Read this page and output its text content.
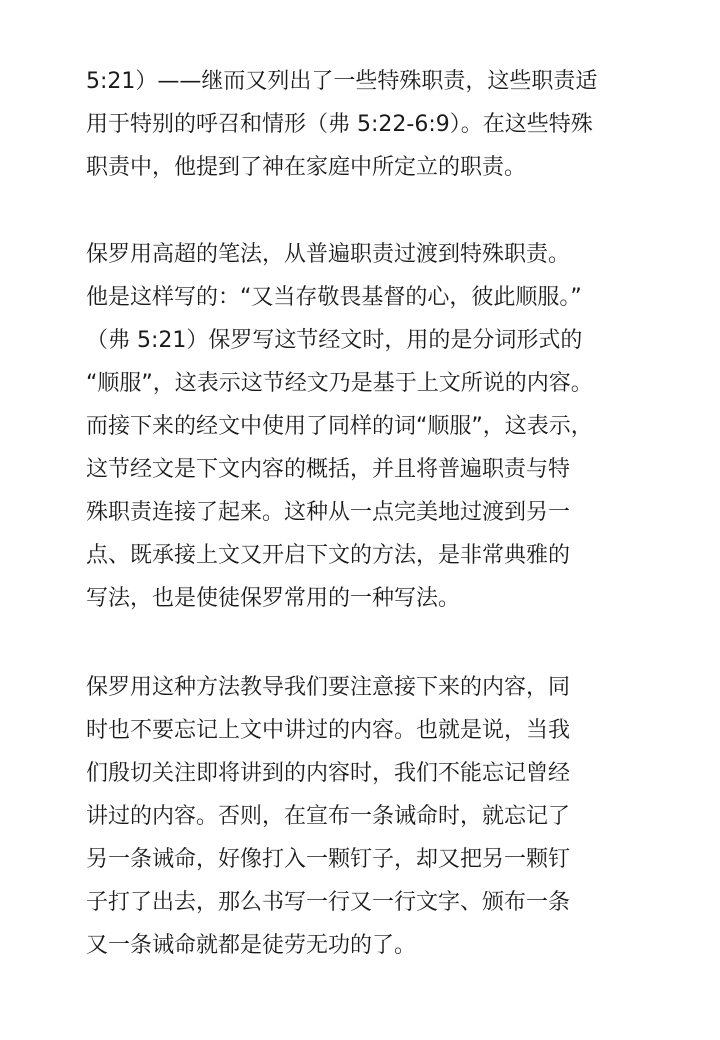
5:21）——继而又列出了一些特殊职责，这些职责适
用于特别的呼召和情形（弗 5:22-6:9）。在这些特殊
职责中，他提到了神在家庭中所定立的职责。
保罗用高超的笔法，从普遍职责过渡到特殊职责。
他是这样写的：“又当存敬畏基督的心，彼此顺服。”
（弗 5:21）保罗写这节经文时，用的是分词形式的
“顺服”，这表示这节经文乃是基于上文所说的内容。
而接下来的经文中使用了同样的词“顺服”，这表示，
这节经文是下文内容的概括，并且将普遍职责与特
殊职责连接了起来。这种从一点完美地过渡到另一
点、既承接上文又开启下文的方法，是非常典雅的
写法，也是使徒保罗常用的一种写法。
保罗用这种方法教导我们要注意接下来的内容，同
时也不要忘记上文中讲过的内容。也就是说，当我
们殷切关注即将讲到的内容时，我们不能忘记曾经
讲过的内容。否则，在宣布一条诫命时，就忘记了
另一条诫命，好像打入一颗钉子，却又把另一颗钉
子打了出去，那么书写一行又一行文字、颁布一条
又一条诫命就都是徒劳无功的了。
